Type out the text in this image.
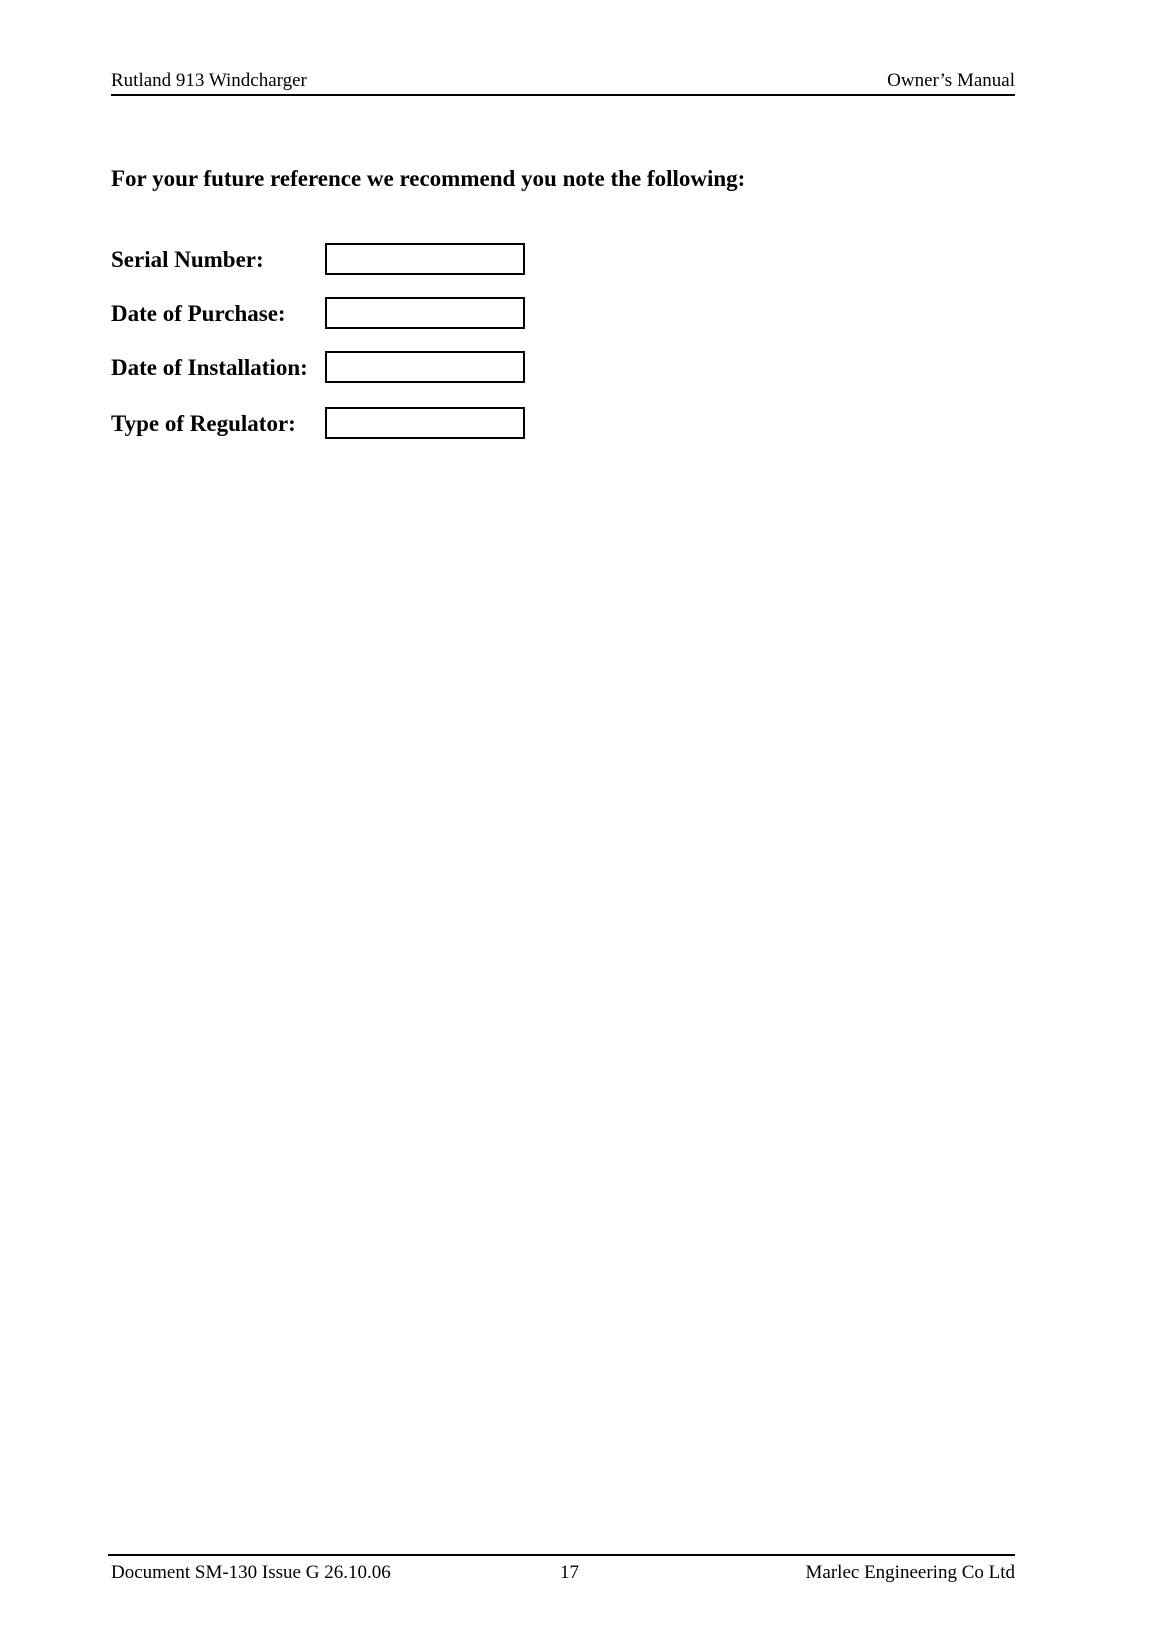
Rutland 913 Windcharger	Owner’s Manual
For your future reference we recommend you note the following:
Serial Number:
Date of Purchase:
Date of Installation:
Type of Regulator:
Document SM-130 Issue G 26.10.06	17	Marlec Engineering Co Ltd
